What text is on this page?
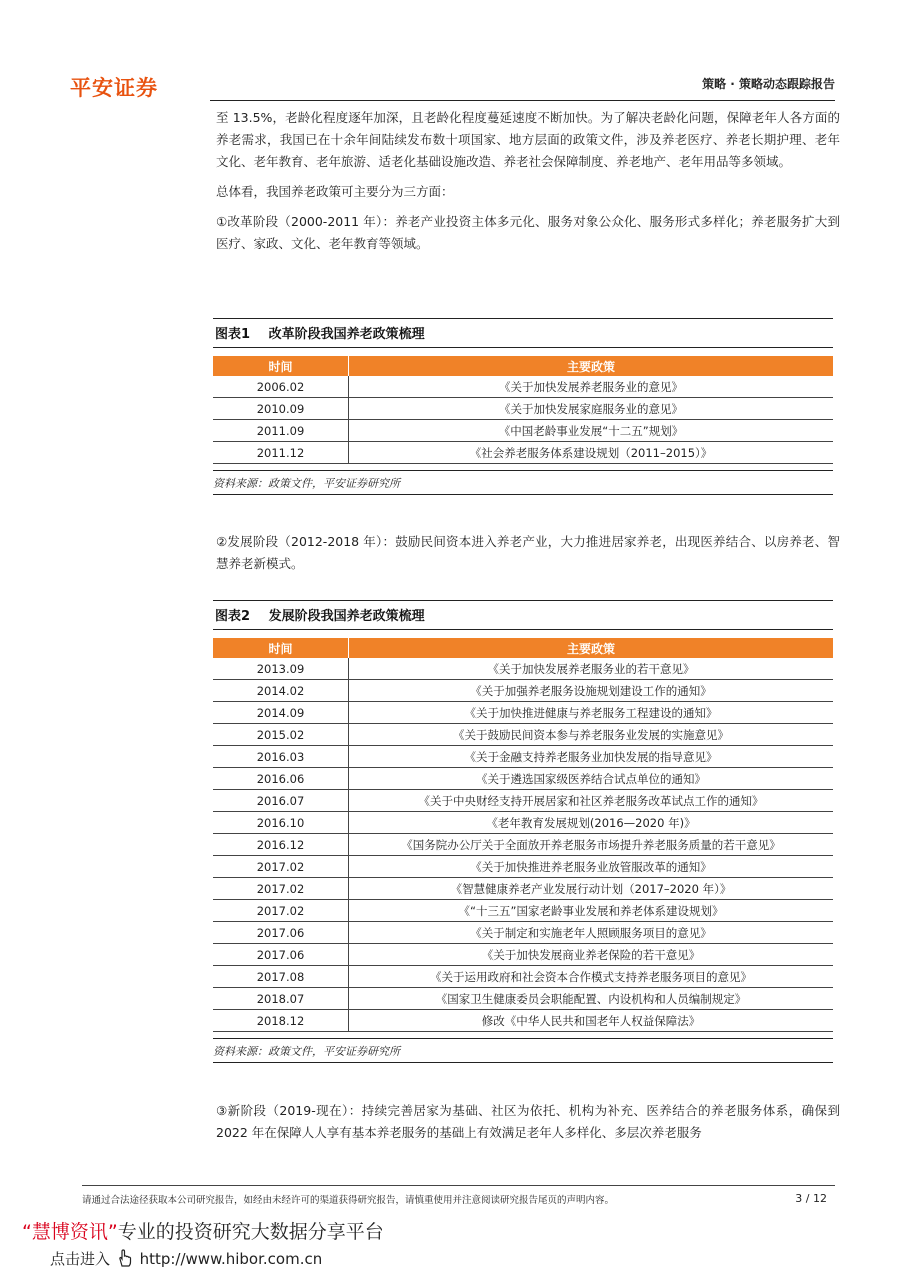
平安证券	策略 · 策略动态跟踪报告

至 13.5%，老龄化程度逐年加深，且老龄化程度蔓延速度不断加快。为了解决老龄化问题，保障老年人各方面的养老需求，我国已在十余年间陆续发布数十项国家、地方层面的政策文件，涉及养老医疗、养老长期护理、老年文化、老年教育、老年旅游、适老化基础设施改造、养老社会保障制度、养老地产、老年用品等多领域。

总体看，我国养老政策可主要分为三方面：

①改革阶段（2000-2011 年）：养老产业投资主体多元化、服务对象公众化、服务形式多样化；养老服务扩大到医疗、家政、文化、老年教育等领域。

图表1 改革阶段我国养老政策梳理
时间	主要政策
2006.02	《关于加快发展养老服务业的意见》
2010.09	《关于加快发展家庭服务业的意见》
2011.09	《中国老龄事业发展“十二五”规划》
2011.12	《社会养老服务体系建设规划（2011–2015）》
资料来源：政策文件，平安证券研究所

②发展阶段（2012-2018 年）：鼓励民间资本进入养老产业，大力推进居家养老，出现医养结合、以房养老、智慧养老新模式。

图表2 发展阶段我国养老政策梳理
时间	主要政策
2013.09	《关于加快发展养老服务业的若干意见》
2014.02	《关于加强养老服务设施规划建设工作的通知》
2014.09	《关于加快推进健康与养老服务工程建设的通知》
2015.02	《关于鼓励民间资本参与养老服务业发展的实施意见》
2016.03	《关于金融支持养老服务业加快发展的指导意见》
2016.06	《关于遴选国家级医养结合试点单位的通知》
2016.07	《关于中央财经支持开展居家和社区养老服务改革试点工作的通知》
2016.10	《老年教育发展规划(2016—2020 年)》
2016.12	《国务院办公厅关于全面放开养老服务市场提升养老服务质量的若干意见》
2017.02	《关于加快推进养老服务业放管服改革的通知》
2017.02	《智慧健康养老产业发展行动计划（2017–2020 年）》
2017.02	《“十三五”国家老龄事业发展和养老体系建设规划》
2017.06	《关于制定和实施老年人照顾服务项目的意见》
2017.06	《关于加快发展商业养老保险的若干意见》
2017.08	《关于运用政府和社会资本合作模式支持养老服务项目的意见》
2018.07	《国家卫生健康委员会职能配置、内设机构和人员编制规定》
2018.12	修改《中华人民共和国老年人权益保障法》
资料来源：政策文件，平安证券研究所

③新阶段（2019-现在）：持续完善居家为基础、社区为依托、机构为补充、医养结合的养老服务体系，确保到 2022 年在保障人人享有基本养老服务的基础上有效满足老年人多样化、多层次养老服务

请通过合法途径获取本公司研究报告，如经由未经许可的渠道获得研究报告，请慎重使用并注意阅读研究报告尾页的声明内容。	3 / 12
“慧博资讯”专业的投资研究大数据分享平台
点击进入 http://www.hibor.com.cn
